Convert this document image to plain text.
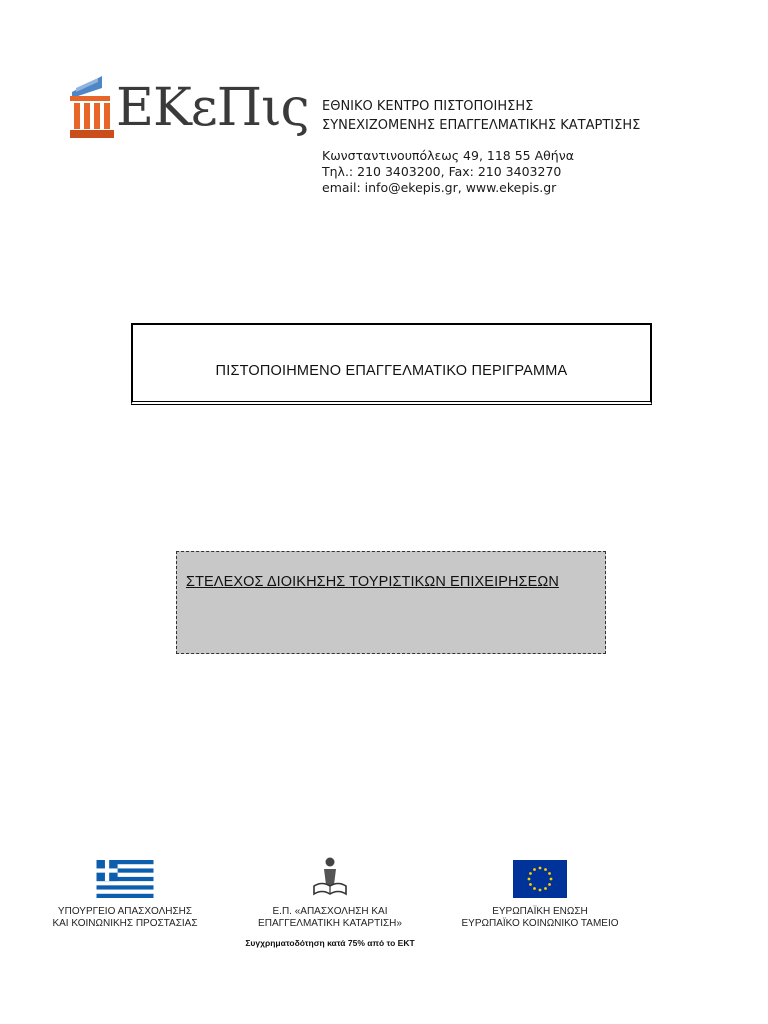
ΕΚεΠις ΕΘΝΙΚΟ ΚΕΝΤΡΟ ΠΙΣΤΟΠΟΙΗΣΗΣ
ΣΥΝΕΧΙΖΟΜΕΝΗΣ ΕΠΑΓΓΕΛΜΑΤΙΚΗΣ ΚΑΤΑΡΤΙΣΗΣ
Κωνσταντινουπόλεως 49, 118 55 Αθήνα
Τηλ.: 210 3403200, Fax: 210 3403270
email: info@ekepis.gr, www.ekepis.gr
ΠΙΣΤΟΠΟΙΗΜΕΝΟ ΕΠΑΓΓΕΛΜΑΤΙΚΟ ΠΕΡΙΓΡΑΜΜΑ
ΣΤΕΛΕΧΟΣ ΔΙΟΙΚΗΣΗΣ ΤΟΥΡΙΣΤΙΚΩΝ ΕΠΙΧΕΙΡΗΣΕΩΝ
ΥΠΟΥΡΓΕΙΟ ΑΠΑΣΧΟΛΗΣΗΣ
ΚΑΙ ΚΟΙΝΩΝΙΚΗΣ ΠΡΟΣΤΑΣΙΑΣ
Ε.Π. «ΑΠΑΣΧΟΛΗΣΗ ΚΑΙ
ΕΠΑΓΓΕΛΜΑΤΙΚΗ ΚΑΤΑΡΤΙΣΗ»
Συγχρηματοδότηση κατά 75% από το ΕΚΤ
ΕΥΡΩΠΑΪΚΗ ΕΝΩΣΗ
ΕΥΡΩΠΑΪΚΟ ΚΟΙΝΩΝΙΚΟ ΤΑΜΕΙΟ
